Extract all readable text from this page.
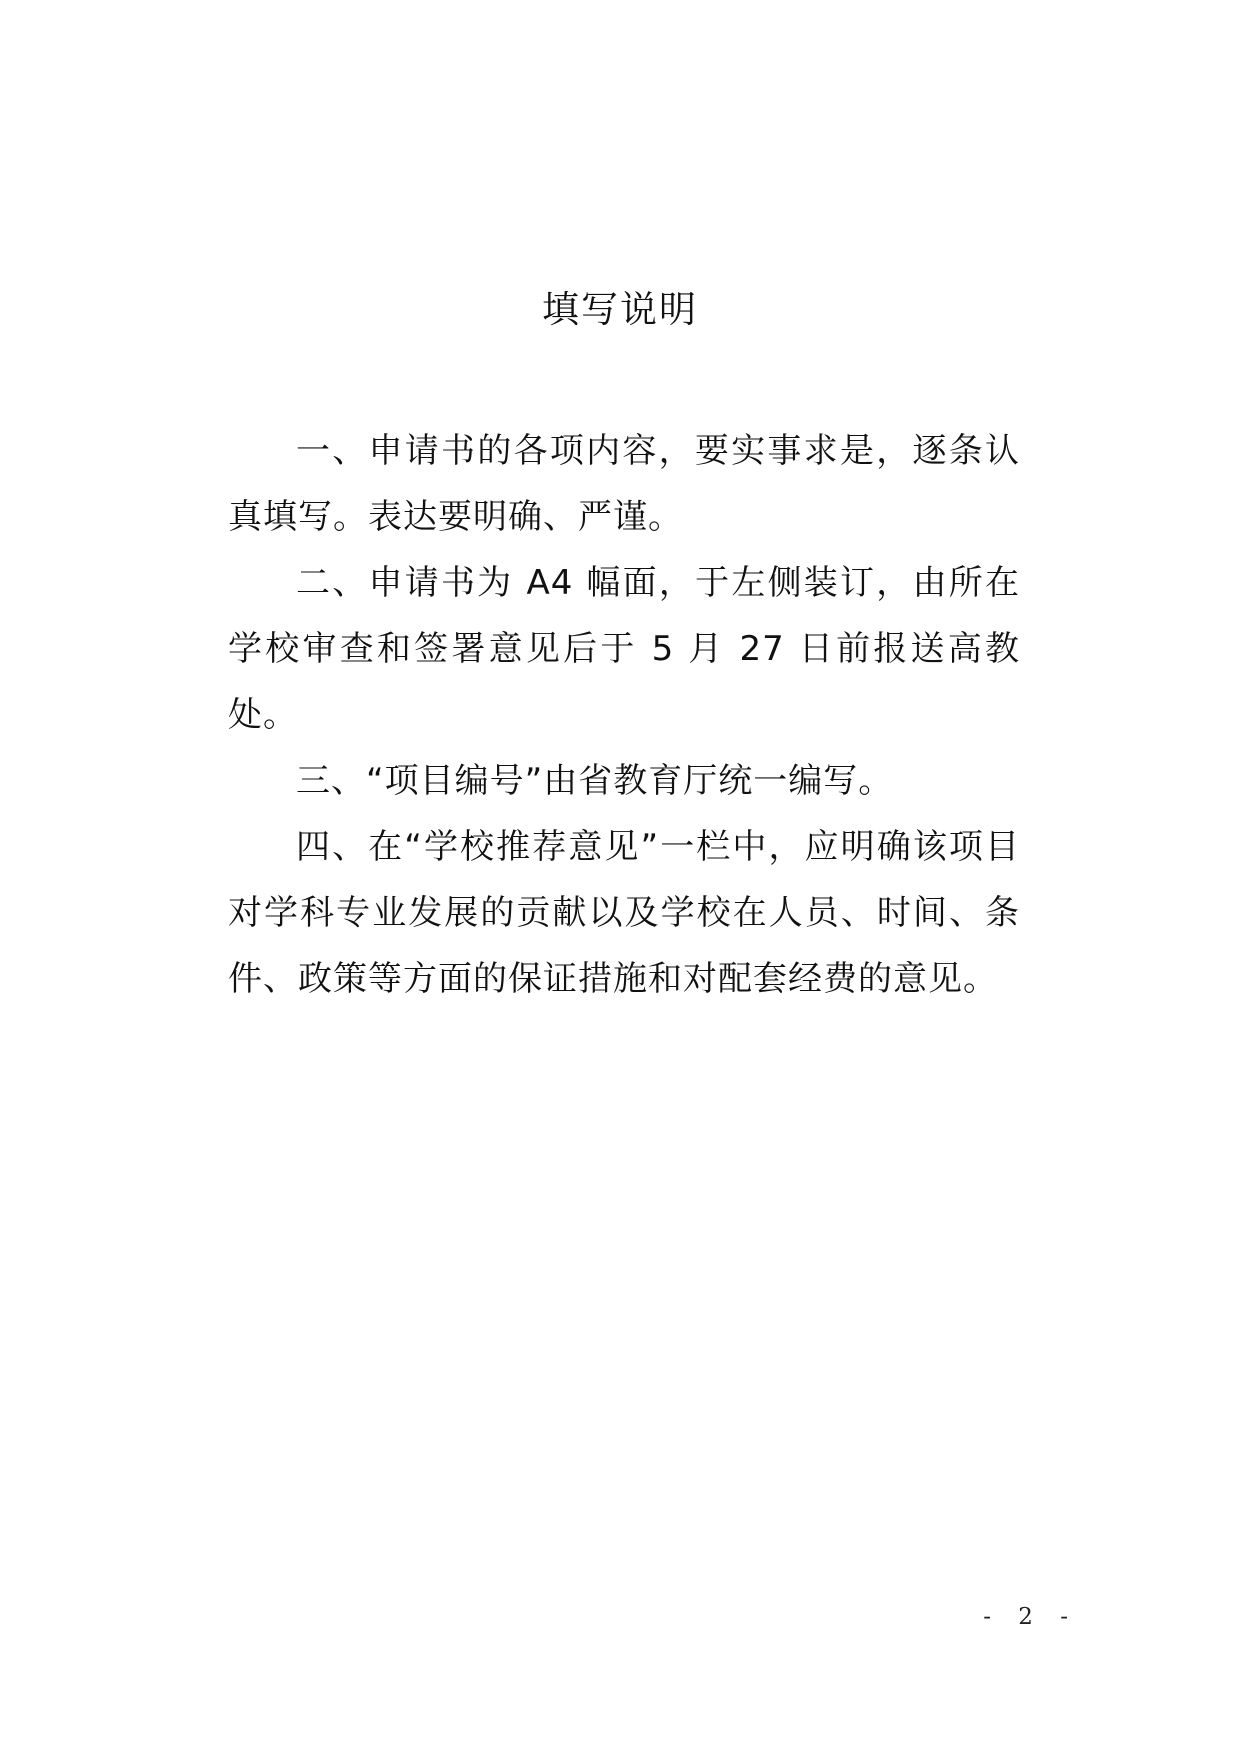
填写说明

一、申请书的各项内容，要实事求是，逐条认真填写。表达要明确、严谨。

二、申请书为 A4 幅面，于左侧装订，由所在学校审查和签署意见后于 5 月 27 日前报送高教处。

三、“项目编号”由省教育厅统一编写。

四、在“学校推荐意见”一栏中，应明确该项目对学科专业发展的贡献以及学校在人员、时间、条件、政策等方面的保证措施和对配套经费的意见。

- 2 -
